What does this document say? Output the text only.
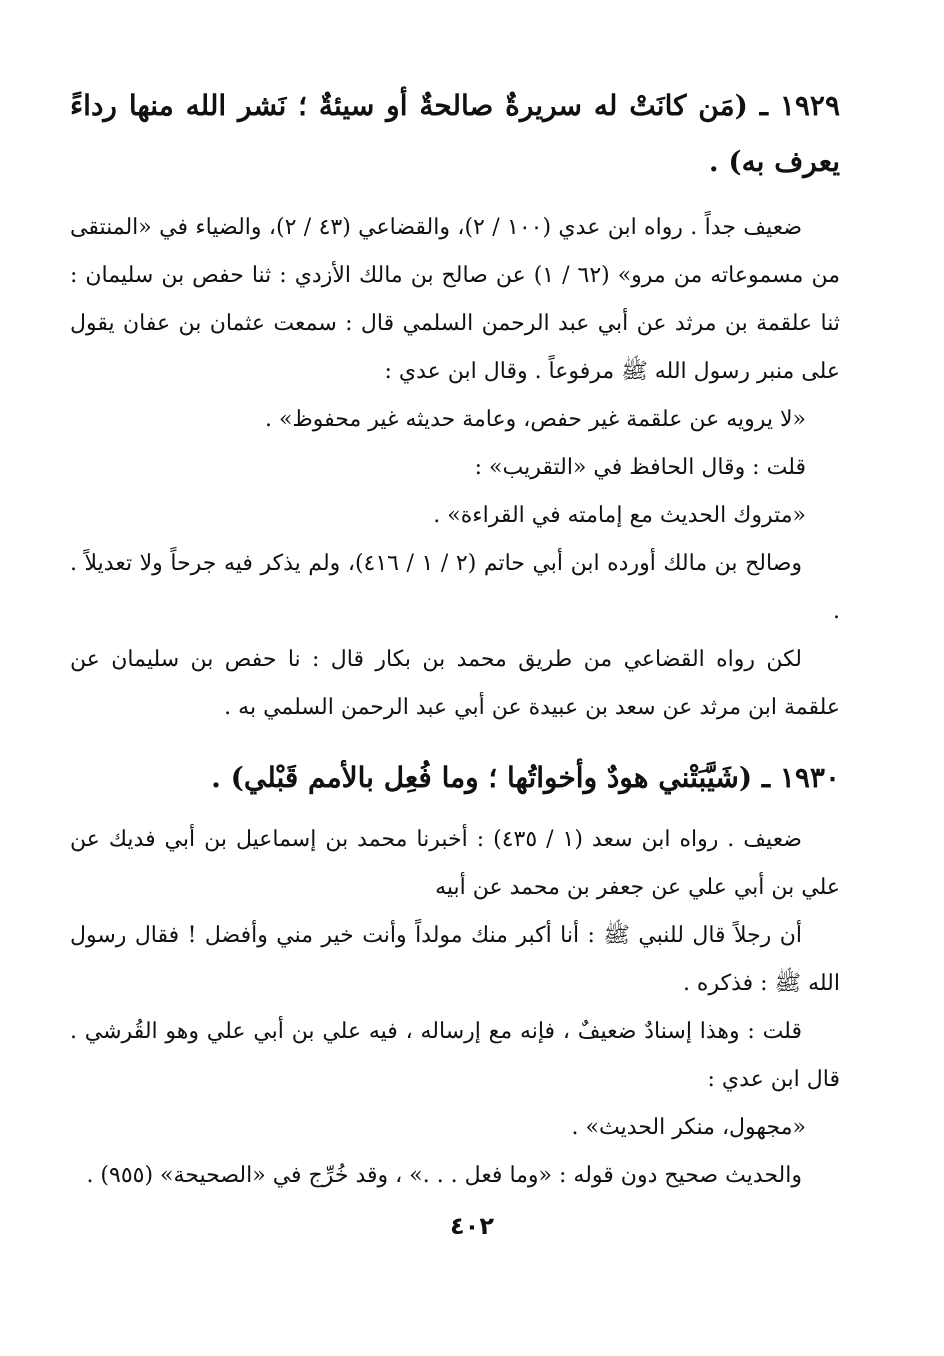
١٩٢٩ ـ (مَن كانَتْ له سريرةٌ صالحةٌ أو سيئةٌ ؛ نَشر الله منها رداءً يعرف به) .

ضعيف جداً . رواه ابن عدي (١٠٠ / ٢)، والقضاعي (٤٣ / ٢)، والضياء في «المنتقى من مسموعاته من مرو» (٦٢ / ١) عن صالح بن مالك الأزدي : ثنا حفص بن سليمان : ثنا علقمة بن مرثد عن أبي عبد الرحمن السلمي قال : سمعت عثمان بن عفان يقول على منبر رسول الله ﷺ مرفوعاً . وقال ابن عدي :

«لا يرويه عن علقمة غير حفص، وعامة حديثه غير محفوظ» .

قلت : وقال الحافظ في «التقريب» :

«متروك الحديث مع إمامته في القراءة» .

وصالح بن مالك أورده ابن أبي حاتم (٢ / ١ / ٤١٦)، ولم يذكر فيه جرحاً ولا تعديلاً . .

لكن رواه القضاعي من طريق محمد بن بكار قال : نا حفص بن سليمان عن علقمة ابن مرثد عن سعد بن عبيدة عن أبي عبد الرحمن السلمي به .

١٩٣٠ ـ (شَيَّبَتْني هودٌ وأخواتُها ؛ وما فُعِل بالأمم قَبْلي) .

ضعيف . رواه ابن سعد (١ / ٤٣٥) : أخبرنا محمد بن إسماعيل بن أبي فديك عن علي بن أبي علي عن جعفر بن محمد عن أبيه

أن رجلاً قال للنبي ﷺ : أنا أكبر منك مولداً وأنت خير مني وأفضل ! فقال رسول الله ﷺ : فذكره .

قلت : وهذا إسنادٌ ضعيفٌ ، فإنه مع إرساله ، فيه علي بن أبي علي وهو القُرشي . قال ابن عدي :

«مجهول، منكر الحديث» .

والحديث صحيح دون قوله : «وما فعل . . .» ، وقد خُرِّج في «الصحيحة» (٩٥٥) .

٤٠٢
